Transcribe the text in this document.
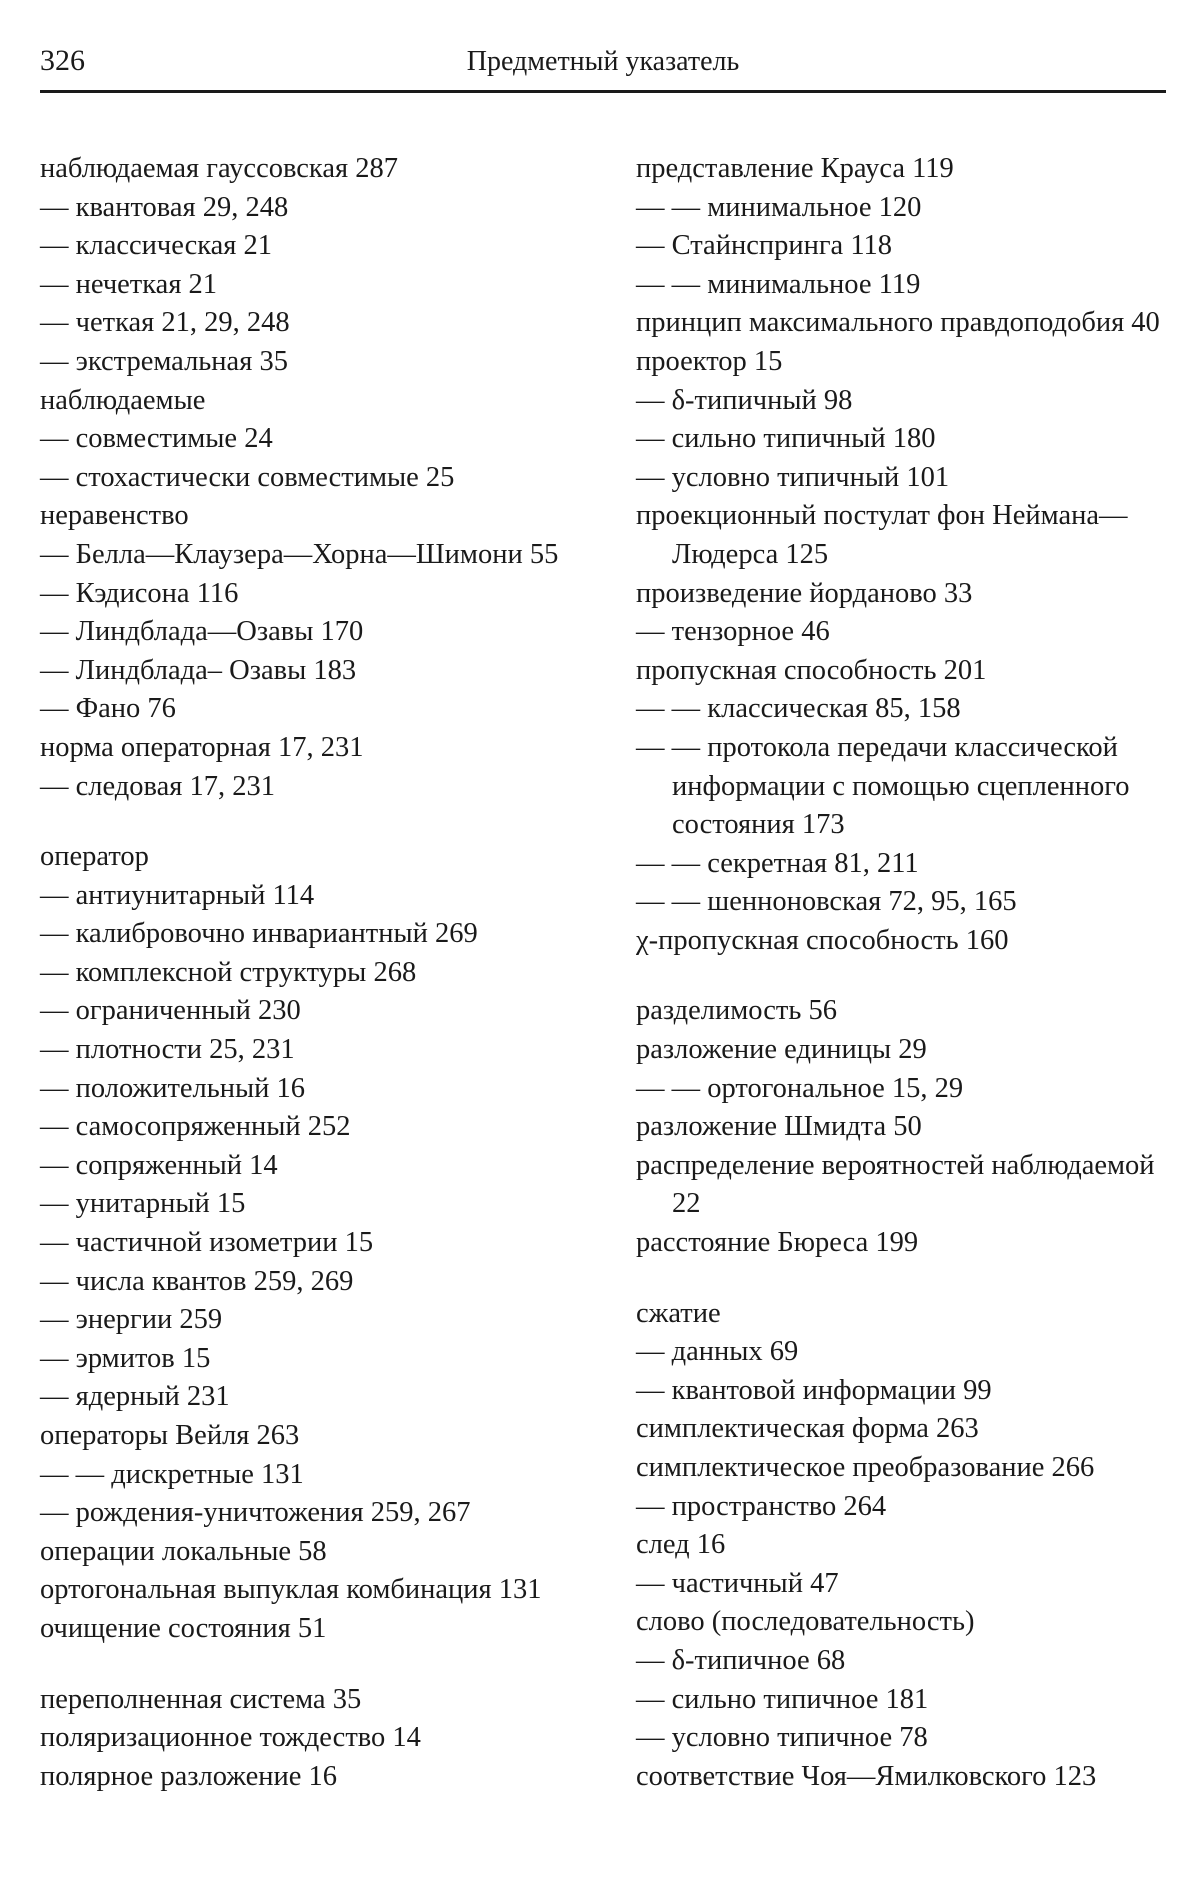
326	Предметный указатель
наблюдаемая гауссовская 287
— квантовая 29, 248
— классическая 21
— нечеткая 21
— четкая 21, 29, 248
— экстремальная 35
наблюдаемые
— совместимые 24
— стохастически совместимые 25
неравенство
— Белла—Клаузера—Хорна—Шимони 55
— Кэдисона 116
— Линдблада—Озавы 170
— Линдблада– Озавы 183
— Фано 76
норма операторная 17, 231
— следовая 17, 231
оператор
— антиунитарный 114
— калибровочно инвариантный 269
— комплексной структуры 268
— ограниченный 230
— плотности 25, 231
— положительный 16
— самосопряженный 252
— сопряженный 14
— унитарный 15
— частичной изометрии 15
— числа квантов 259, 269
— энергии 259
— эрмитов 15
— ядерный 231
операторы Вейля 263
— — дискретные 131
— рождения-уничтожения 259, 267
операции локальные 58
ортогональная выпуклая комбинация 131
очищение состояния 51
переполненная система 35
поляризационное тождество 14
полярное разложение 16
представление Крауса 119
— — минимальное 120
— Стайнспринга 118
— — минимальное 119
принцип максимального правдоподобия 40
проектор 15
— δ-типичный 98
— сильно типичный 180
— условно типичный 101
проекционный постулат фон Неймана—Людерса 125
произведение йорданово 33
— тензорное 46
пропускная способность 201
— — классическая 85, 158
— — протокола передачи классической информации с помощью сцепленного состояния 173
— — секретная 81, 211
— — шенноновская 72, 95, 165
χ-пропускная способность 160
разделимость 56
разложение единицы 29
— — ортогональное 15, 29
разложение Шмидта 50
распределение вероятностей наблюдаемой 22
расстояние Бюреса 199
сжатие
— данных 69
— квантовой информации 99
симплектическая форма 263
симплектическое преобразование 266
— пространство 264
след 16
— частичный 47
слово (последовательность)
— δ-типичное 68
— сильно типичное 181
— условно типичное 78
соответствие Чоя—Ямилковского 123
